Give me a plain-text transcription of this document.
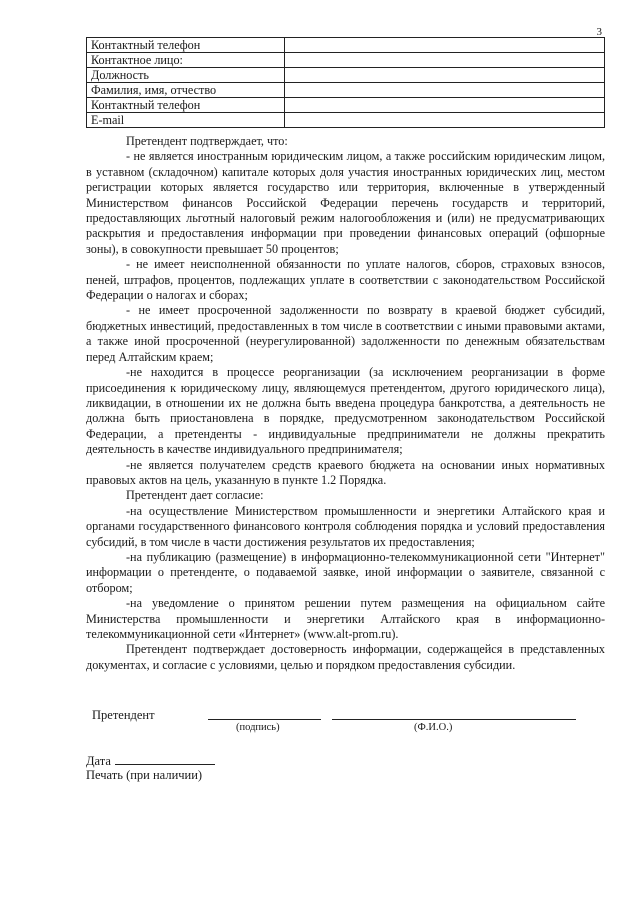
3
Контактный телефон	
Контактное лицо:	
Должность	
Фамилия, имя, отчество	
Контактный телефон	
E-mail	

Претендент подтверждает, что:

- не является иностранным юридическим лицом, а также российским юридическим лицом, в уставном (складочном) капитале которых доля участия иностранных юридических лиц, местом регистрации которых является государство или территория, включенные в утвержденный Министерством финансов Российской Федерации перечень государств и территорий, предоставляющих льготный налоговый режим налогообложения и (или) не предусматривающих раскрытия и предоставления информации при проведении финансовых операций (офшорные зоны), в совокупности превышает 50 процентов;

- не имеет неисполненной обязанности по уплате налогов, сборов, страховых взносов, пеней, штрафов, процентов, подлежащих уплате в соответствии с законодательством Российской Федерации о налогах и сборах;

- не имеет просроченной задолженности по возврату в краевой бюджет субсидий, бюджетных инвестиций, предоставленных в том числе в соответствии с иными правовыми актами, а также иной просроченной (неурегулированной) задолженности по денежным обязательствам перед Алтайским краем;

-не находится в процессе реорганизации (за исключением реорганизации в форме присоединения к юридическому лицу, являющемуся претендентом, другого юридического лица), ликвидации, в отношении их не должна быть введена процедура банкротства, а деятельность не должна быть приостановлена в порядке, предусмотренном законодательством Российской Федерации, а претенденты - индивидуальные предприниматели не должны прекратить деятельность в качестве индивидуального предпринимателя;

-не является получателем средств краевого бюджета на основании иных нормативных правовых актов на цель, указанную в пункте 1.2 Порядка.

Претендент дает согласие:

-на осуществление Министерством промышленности и энергетики Алтайского края и органами государственного финансового контроля соблюдения порядка и условий предоставления субсидий, в том числе в части достижения результатов их предоставления;

-на публикацию (размещение) в информационно-телекоммуникационной сети "Интернет" информации о претенденте, о подаваемой заявке, иной информации о заявителе, связанной с отбором;

-на уведомление о принятом решении путем размещения на официальном сайте Министерства промышленности и энергетики Алтайского края в информационно-телекоммуникационной сети «Интернет» (www.alt-prom.ru).

Претендент подтверждает достоверность информации, содержащейся в представленных документах, и согласие с условиями, целью и порядком предоставления субсидии.

Претендент
(подпись)	(Ф.И.О.)
Дата
Печать (при наличии)
